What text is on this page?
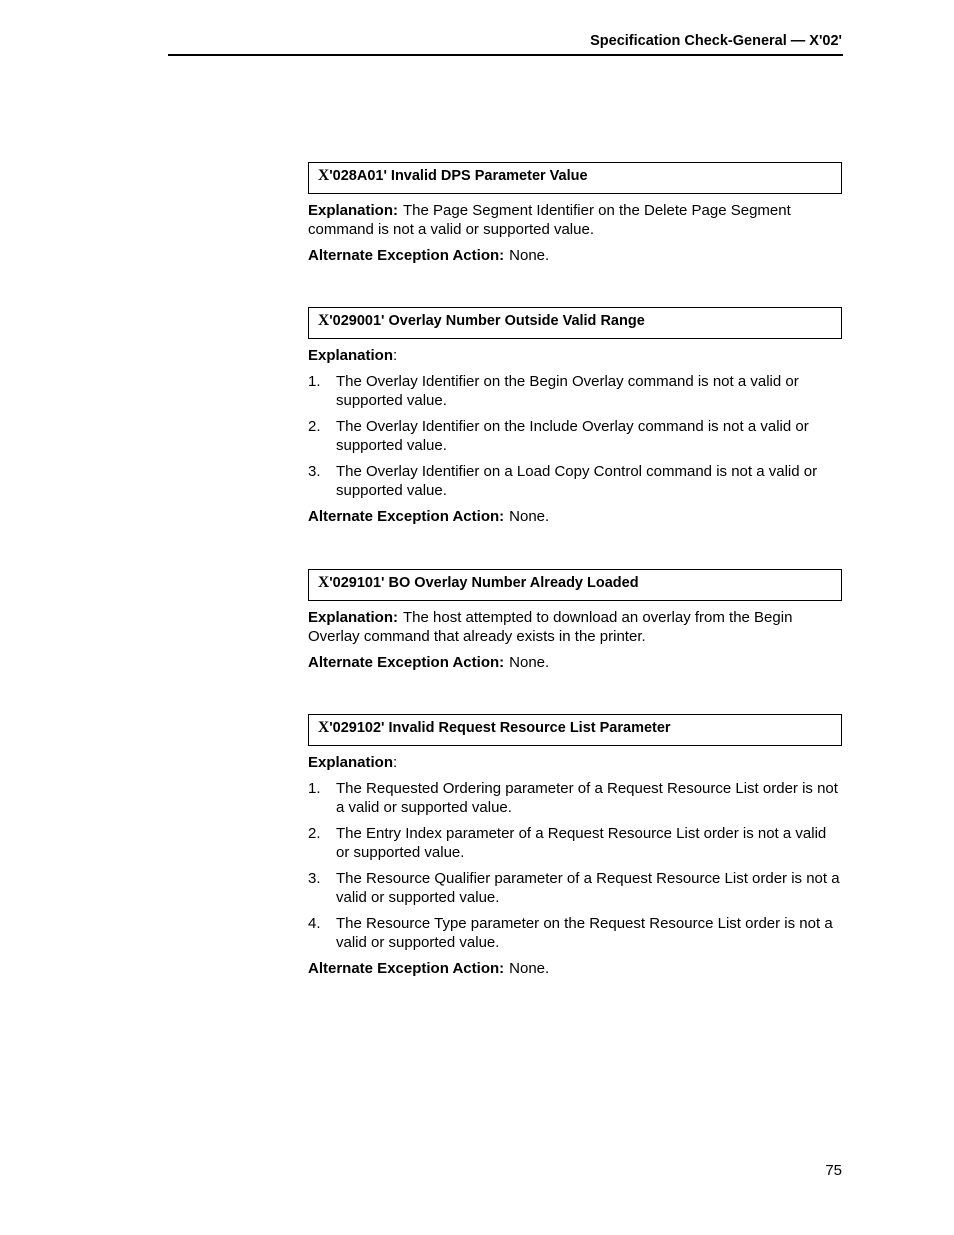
Specification Check-General — X'02'
X'028A01' Invalid DPS Parameter Value
Explanation: The Page Segment Identifier on the Delete Page Segment command is not a valid or supported value.
Alternate Exception Action: None.
X'029001' Overlay Number Outside Valid Range
Explanation:
1. The Overlay Identifier on the Begin Overlay command is not a valid or supported value.
2. The Overlay Identifier on the Include Overlay command is not a valid or supported value.
3. The Overlay Identifier on a Load Copy Control command is not a valid or supported value.
Alternate Exception Action: None.
X'029101' BO Overlay Number Already Loaded
Explanation: The host attempted to download an overlay from the Begin Overlay command that already exists in the printer.
Alternate Exception Action: None.
X'029102' Invalid Request Resource List Parameter
Explanation:
1. The Requested Ordering parameter of a Request Resource List order is not a valid or supported value.
2. The Entry Index parameter of a Request Resource List order is not a valid or supported value.
3. The Resource Qualifier parameter of a Request Resource List order is not a valid or supported value.
4. The Resource Type parameter on the Request Resource List order is not a valid or supported value.
Alternate Exception Action: None.
75
